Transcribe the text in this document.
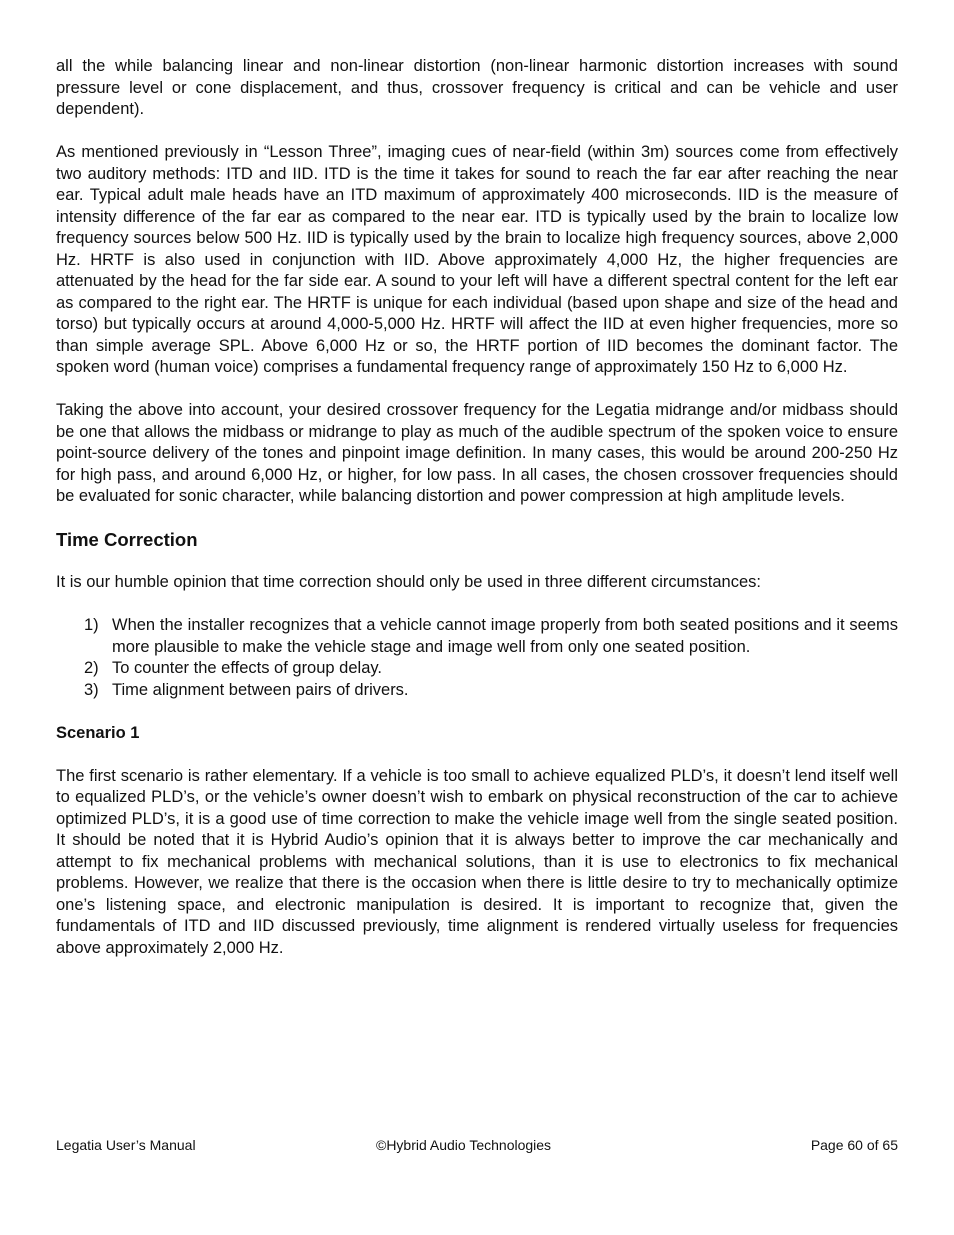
all the while balancing linear and non-linear distortion (non-linear harmonic distortion increases with sound pressure level or cone displacement, and thus, crossover frequency is critical and can be vehicle and user dependent).

As mentioned previously in “Lesson Three”, imaging cues of near-field (within 3m) sources come from effectively two auditory methods: ITD and IID. ITD is the time it takes for sound to reach the far ear after reaching the near ear. Typical adult male heads have an ITD maximum of approximately 400 microseconds. IID is the measure of intensity difference of the far ear as compared to the near ear. ITD is typically used by the brain to localize low frequency sources below 500 Hz. IID is typically used by the brain to localize high frequency sources, above 2,000 Hz. HRTF is also used in conjunction with IID. Above approximately 4,000 Hz, the higher frequencies are attenuated by the head for the far side ear. A sound to your left will have a different spectral content for the left ear as compared to the right ear. The HRTF is unique for each individual (based upon shape and size of the head and torso) but typically occurs at around 4,000-5,000 Hz. HRTF will affect the IID at even higher frequencies, more so than simple average SPL. Above 6,000 Hz or so, the HRTF portion of IID becomes the dominant factor. The spoken word (human voice) comprises a fundamental frequency range of approximately 150 Hz to 6,000 Hz.

Taking the above into account, your desired crossover frequency for the Legatia midrange and/or midbass should be one that allows the midbass or midrange to play as much of the audible spectrum of the spoken voice to ensure point-source delivery of the tones and pinpoint image definition. In many cases, this would be around 200-250 Hz for high pass, and around 6,000 Hz, or higher, for low pass. In all cases, the chosen crossover frequencies should be evaluated for sonic character, while balancing distortion and power compression at high amplitude levels.

Time Correction

It is our humble opinion that time correction should only be used in three different circumstances:

1) When the installer recognizes that a vehicle cannot image properly from both seated positions and it seems more plausible to make the vehicle stage and image well from only one seated position.
2) To counter the effects of group delay.
3) Time alignment between pairs of drivers.
Scenario 1

The first scenario is rather elementary. If a vehicle is too small to achieve equalized PLD’s, it doesn’t lend itself well to equalized PLD’s, or the vehicle’s owner doesn’t wish to embark on physical reconstruction of the car to achieve optimized PLD’s, it is a good use of time correction to make the vehicle image well from the single seated position. It should be noted that it is Hybrid Audio’s opinion that it is always better to improve the car mechanically and attempt to fix mechanical problems with mechanical solutions, than it is use to electronics to fix mechanical problems. However, we realize that there is the occasion when there is little desire to try to mechanically optimize one’s listening space, and electronic manipulation is desired. It is important to recognize that, given the fundamentals of ITD and IID discussed previously, time alignment is rendered virtually useless for frequencies above approximately 2,000 Hz.

Legatia User’s Manual	©Hybrid Audio Technologies	Page 60 of 65
